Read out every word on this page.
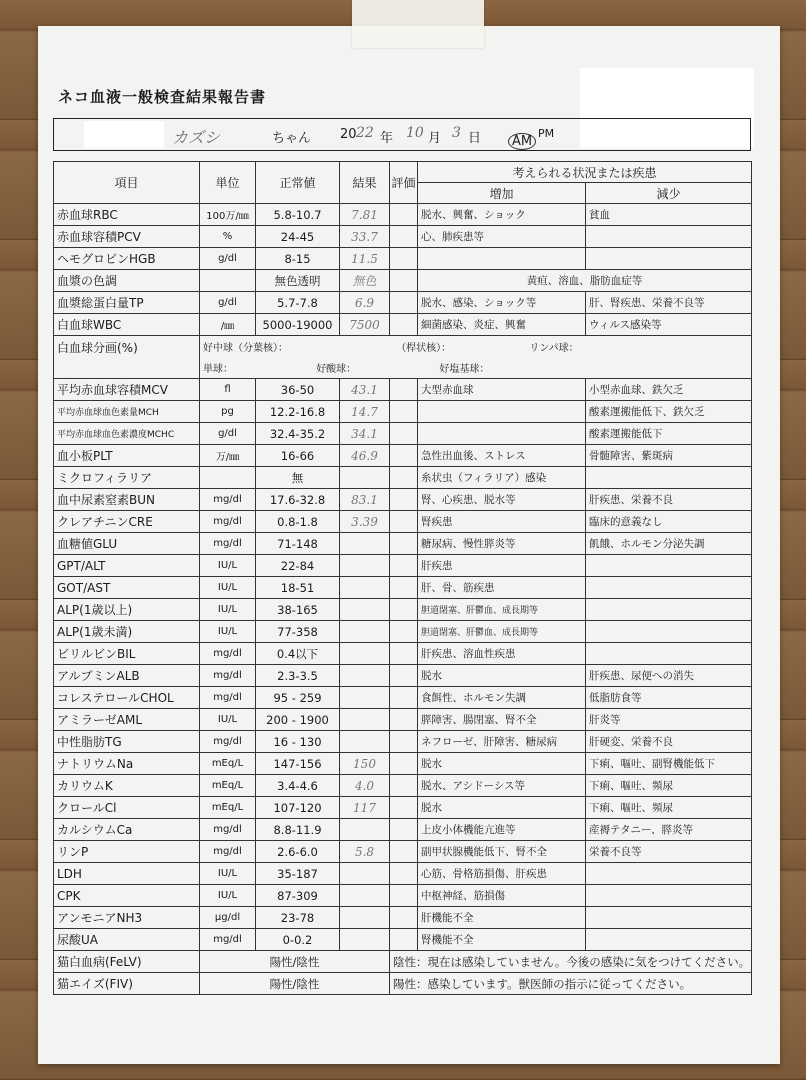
ネコ血液一般検査結果報告書
カズシ	ちゃん 20 22 年 10 月 3 日	AM
PM
項目	単位	正常値	結果	評価	考えられる状況または疾患	
					増加	減少
赤血球RBC	100万/㎜	5.8-10.7	7.81		脱水、興奮、ショック	貧血
赤血球容積PCV	%	24-45	33.7		心、肺疾患等	
ヘモグロビンHGB	g/dl	8-15	11.5			
血漿の色調		無色透明	無色		黄疸、溶血、脂肪血症等	
血漿総蛋白量TP	g/dl	5.7-7.8	6.9		脱水、感染、ショック等	肝、腎疾患、栄養不良等
白血球WBC	/㎜	5000-19000	7500		細菌感染、炎症、興奮	ウィルス感染等
白血球分画(%)	好中球（分葉核）： （桿状核）： リンパ球：					
	単球： 好酸球： 好塩基球：					
平均赤血球容積MCV	fl	36-50	43.1		大型赤血球	小型赤血球、鉄欠乏
平均赤血球血色素量MCH	pg	12.2-16.8	14.7			酸素運搬能低下、鉄欠乏
平均赤血球血色素濃度MCHC	g/dl	32.4-35.2	34.1			酸素運搬能低下
血小板PLT	万/㎜	16-66	46.9		急性出血後、ストレス	骨髄障害、紫斑病
ミクロフィラリア		無			糸状虫（フィラリア）感染	
血中尿素窒素BUN	mg/dl	17.6-32.8	83.1		腎、心疾患、脱水等	肝疾患、栄養不良
クレアチニンCRE	mg/dl	0.8-1.8	3.39		腎疾患	臨床的意義なし
血糖値GLU	mg/dl	71-148			糖尿病、慢性膵炎等	飢餓、ホルモン分泌失調
GPT/ALT	IU/L	22-84			肝疾患	
GOT/AST	IU/L	18-51			肝、骨、筋疾患	
ALP(1歳以上)	IU/L	38-165			胆道閉塞、肝鬱血、成長期等	
ALP(1歳未満)	IU/L	77-358			胆道閉塞、肝鬱血、成長期等	
ビリルビンBIL	mg/dl	0.4以下			肝疾患、溶血性疾患	
アルブミンALB	mg/dl	2.3-3.5			脱水	肝疾患、尿便への消失
コレステロールCHOL	mg/dl	95 - 259			食餌性、ホルモン失調	低脂肪食等
アミラーゼAML	IU/L	200 - 1900			膵障害、腸閉塞、腎不全	肝炎等
中性脂肪TG	mg/dl	16 - 130			ネフローゼ、肝障害、糖尿病	肝硬変、栄養不良
ナトリウムNa	mEq/L	147-156	150		脱水	下痢、嘔吐、副腎機能低下
カリウムK	mEq/L	3.4-4.6	4.0		脱水、アシドーシス等	下痢、嘔吐、頻尿
クロールCl	mEq/L	107-120	117		脱水	下痢、嘔吐、頻尿
カルシウムCa	mg/dl	8.8-11.9			上皮小体機能亢進等	産褥テタニー、膵炎等
リンP	mg/dl	2.6-6.0	5.8		副甲状腺機能低下、腎不全	栄養不良等
LDH	IU/L	35-187			心筋、骨格筋損傷、肝疾患	
CPK	IU/L	87-309			中枢神経、筋損傷	
アンモニアNH3	μg/dl	23-78			肝機能不全	
尿酸UA	mg/dl	0-0.2			腎機能不全	
猫白血病(FeLV)	陽性/陰性			陰性：現在は感染していません。今後の感染に気をつけてください。		
猫エイズ(FIV)	陽性/陰性			陽性：感染しています。獣医師の指示に従ってください。		
